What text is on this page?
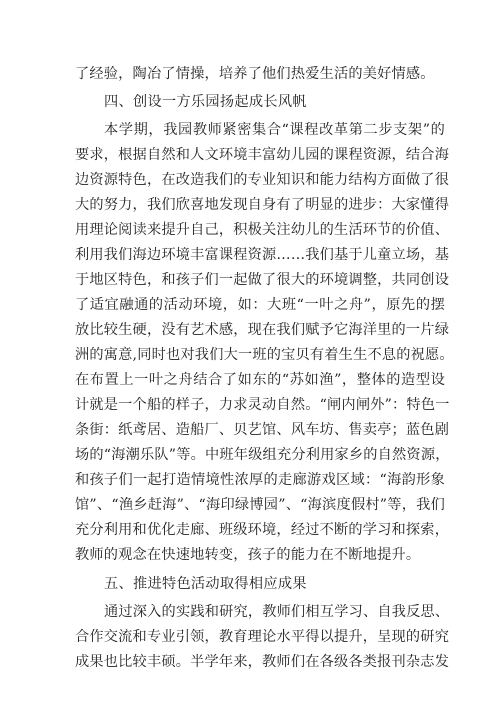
了经验，陶冶了情操，培养了他们热爱生活的美好情感。
四、创设一方乐园扬起成长风帆
本学期，我园教师紧密集合“课程改革第二步支架”的
要求，根据自然和人文环境丰富幼儿园的课程资源，结合海
边资源特色，在改造我们的专业知识和能力结构方面做了很
大的努力，我们欣喜地发现自身有了明显的进步：大家懂得
用理论阅读来提升自己，积极关注幼儿的生活环节的价值、
利用我们海边环境丰富课程资源……我们基于儿童立场，基
于地区特色，和孩子们一起做了很大的环境调整，共同创设
了适宜融通的活动环境，如：大班“一叶之舟”，原先的摆
放比较生硬，没有艺术感，现在我们赋予它海洋里的一片绿
洲的寓意,同时也对我们大一班的宝贝有着生生不息的祝愿。
在布置上一叶之舟结合了如东的“苏如渔”，整体的造型设
计就是一个船的样子，力求灵动自然。“闸内闸外”：特色一
条街：纸鸢居、造船厂、贝艺馆、风车坊、售卖亭；蓝色剧
场的“海潮乐队”等。中班年级组充分利用家乡的自然资源，
和孩子们一起打造情境性浓厚的走廊游戏区域：“海韵形象
馆”、“渔乡赶海”、“海印绿博园”、“海滨度假村”等，我们
充分利用和优化走廊、班级环境，经过不断的学习和探索，
教师的观念在快速地转变，孩子的能力在不断地提升。
五、推进特色活动取得相应成果
通过深入的实践和研究，教师们相互学习、自我反思、
合作交流和专业引领，教育理论水平得以提升，呈现的研究
成果也比较丰硕。半学年来，教师们在各级各类报刊杂志发
